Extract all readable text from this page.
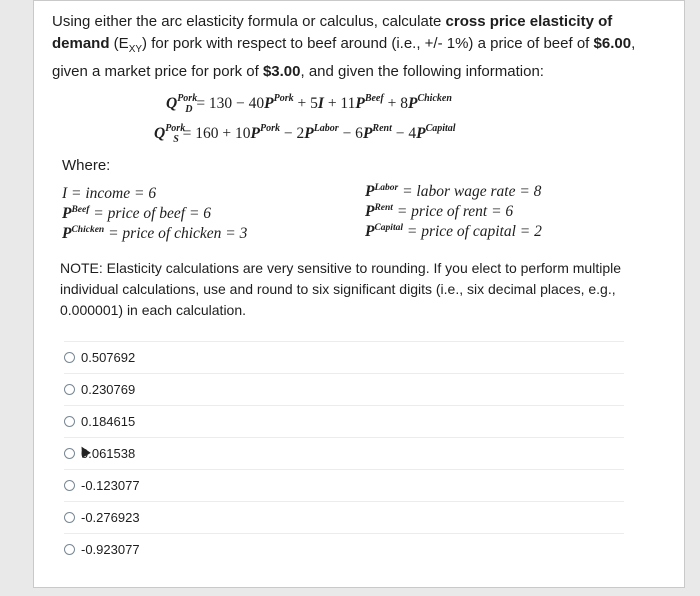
Using either the arc elasticity formula or calculus, calculate cross price elasticity of demand $(E_{XY})$ for pork with respect to beef around (i.e., +/- 1%) a price of beef of $6.00, given a market price for pork of $3.00, and given the following information:
$Q^{Pork}_D = 130 - 40P^{Pork} + 5I + 11P^{Beef} + 8P^{Chicken}$
$Q^{Pork}_S = 160 + 10P^{Pork} - 2P^{Labor} - 6P^{Rent} - 4P^{Capital}$
Where:
I = income = 6
$P^{Beef}$ = price of beef = 6
$P^{Chicken}$ = price of chicken = 3
$P^{Labor}$ = labor wage rate = 8
$P^{Rent}$ = price of rent = 6
$P^{Capital}$ = price of capital = 2
NOTE: Elasticity calculations are very sensitive to rounding. If you elect to perform multiple individual calculations, use and round to six significant digits (i.e., six decimal places, e.g., 0.000001) in each calculation.
0.507692
0.230769
0.184615
0.061538
-0.123077
-0.276923
-0.923077
